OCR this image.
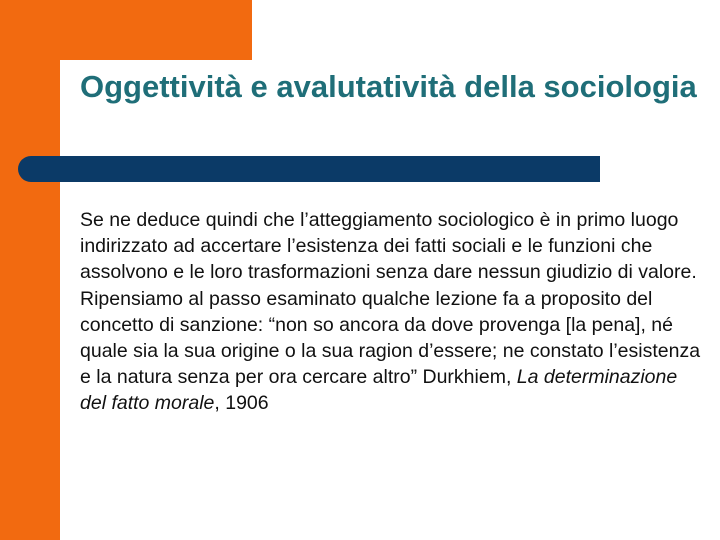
Oggettività e avalutatività della sociologia

Se ne deduce quindi che l’atteggiamento sociologico è in primo luogo indirizzato ad accertare l’esistenza dei fatti sociali e le funzioni che assolvono e le loro trasformazioni senza dare nessun giudizio di valore. Ripensiamo al passo esaminato qualche lezione fa a proposito del concetto di sanzione: “non so ancora da dove provenga [la pena], né quale sia la sua origine o la sua ragion d’essere; ne constato l’esistenza e la natura senza per ora cercare altro” Durkhiem, La determinazione del fatto morale, 1906
